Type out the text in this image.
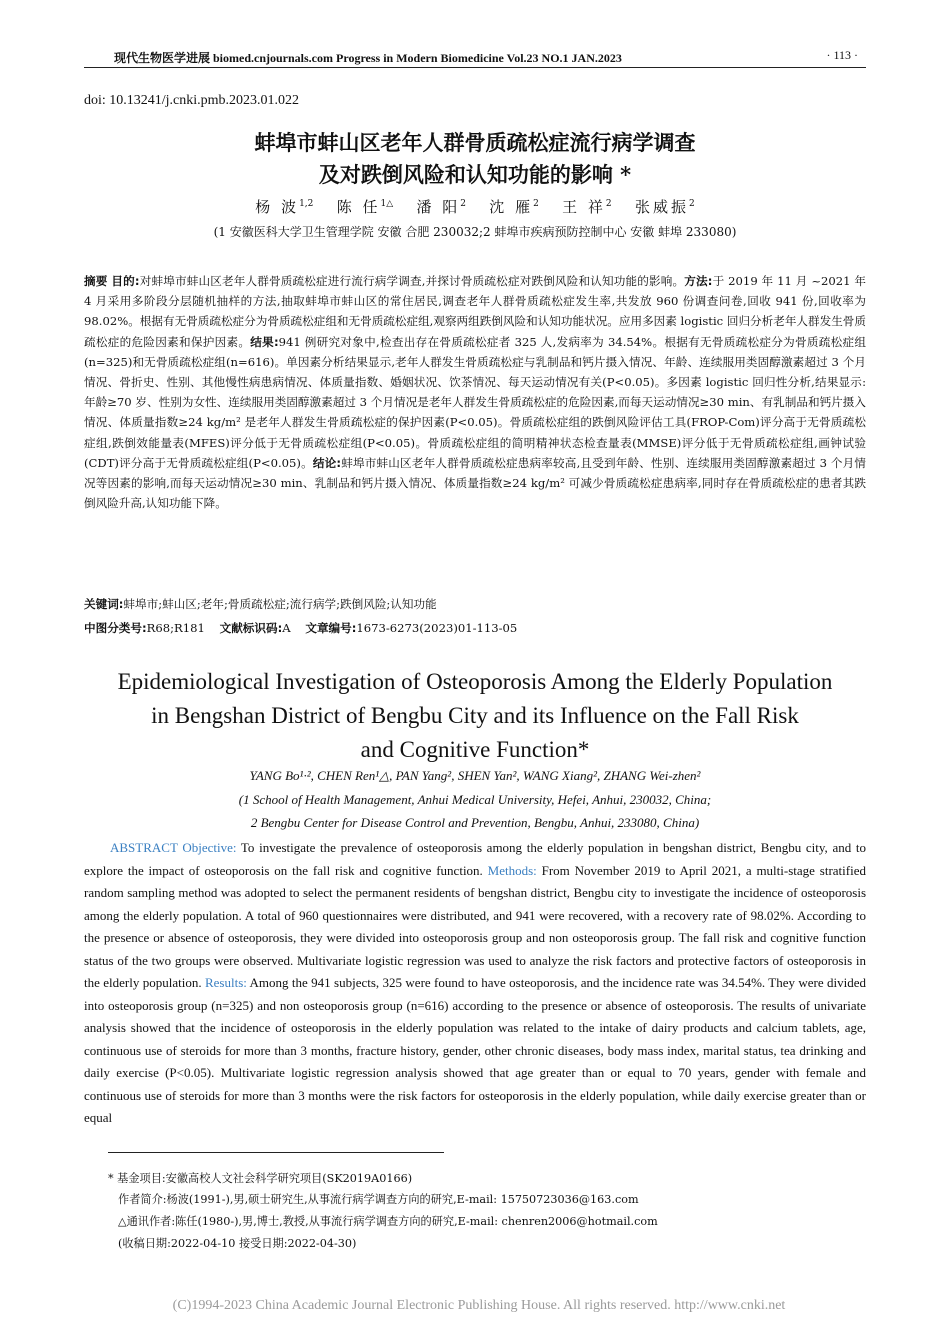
现代生物医学进展 biomed.cnjournals.com Progress in Modern Biomedicine Vol.23 NO.1 JAN.2023	· 113 ·
doi: 10.13241/j.cnki.pmb.2023.01.022
蚌埠市蚌山区老年人群骨质疏松症流行病学调查
及对跌倒风险和认知功能的影响 *
杨 波$^{1,2}$ 陈 任$^{1\triangle}$ 潘 阳$^2$ 沈 雁$^2$ 王 祥$^2$ 张威振$^2$
(1 安徽医科大学卫生管理学院 安徽 合肥 230032;2 蚌埠市疾病预防控制中心 安徽 蚌埠 233080)
摘要 目的:对蚌埠市蚌山区老年人群骨质疏松症进行流行病学调查,并探讨骨质疏松症对跌倒风险和认知功能的影响。方法:于 2019 年 11 月 ~2021 年 4 月采用多阶段分层随机抽样的方法,抽取蚌埠市蚌山区的常住居民,调查老年人群骨质疏松症发生率,共发放 960 份调查问卷,回收 941 份,回收率为 98.02%。根据有无骨质疏松症分为骨质疏松症组和无骨质疏松症组,观察两组跌倒风险和认知功能状况。应用多因素 logistic 回归分析老年人群发生骨质疏松症的危险因素和保护因素。结果:941 例研究对象中,检查出存在骨质疏松症者 325 人,发病率为 34.54%。根据有无骨质疏松症分为骨质疏松症组(n=325)和无骨质疏松症组(n=616)。单因素分析结果显示,老年人群发生骨质疏松症与乳制品和钙片摄入情况、年龄、连续服用类固醇激素超过 3 个月情况、骨折史、性别、其他慢性病患病情况、体质量指数、婚姻状况、饮茶情况、每天运动情况有关(P<0.05)。多因素 logistic 回归性分析,结果显示:年龄≥70 岁、性别为女性、连续服用类固醇激素超过 3 个月情况是老年人群发生骨质疏松症的危险因素,而每天运动情况≥30 min、有乳制品和钙片摄入情况、体质量指数≥24 kg/m² 是老年人群发生骨质疏松症的保护因素(P<0.05)。骨质疏松症组的跌倒风险评估工具(FROP-Com)评分高于无骨质疏松症组,跌倒效能量表(MFES)评分低于无骨质疏松症组(P<0.05)。骨质疏松症组的简明精神状态检查量表(MMSE)评分低于无骨质疏松症组,画钟试验(CDT)评分高于无骨质疏松症组(P<0.05)。结论:蚌埠市蚌山区老年人群骨质疏松症患病率较高,且受到年龄、性别、连续服用类固醇激素超过 3 个月情况等因素的影响,而每天运动情况≥30 min、乳制品和钙片摄入情况、体质量指数≥24 kg/m² 可减少骨质疏松症患病率,同时存在骨质疏松症的患者其跌倒风险升高,认知功能下降。
关键词:蚌埠市;蚌山区;老年;骨质疏松症;流行病学;跌倒风险;认知功能
中图分类号:R68;R181 文献标识码:A 文章编号:1673-6273(2023)01-113-05
Epidemiological Investigation of Osteoporosis Among the Elderly Population
in Bengshan District of Bengbu City and its Influence on the Fall Risk
and Cognitive Function*
YANG Bo¹·², CHEN Ren¹△, PAN Yang², SHEN Yan², WANG Xiang², ZHANG Wei-zhen²
(1 School of Health Management, Anhui Medical University, Hefei, Anhui, 230032, China;
2 Bengbu Center for Disease Control and Prevention, Bengbu, Anhui, 233080, China)
ABSTRACT Objective: To investigate the prevalence of osteoporosis among the elderly population in bengshan district, Bengbu city, and to explore the impact of osteoporosis on the fall risk and cognitive function. Methods: From November 2019 to April 2021, a multi-stage stratified random sampling method was adopted to select the permanent residents of bengshan district, Bengbu city to investigate the incidence of osteoporosis among the elderly population. A total of 960 questionnaires were distributed, and 941 were recovered, with a recovery rate of 98.02%. According to the presence or absence of osteoporosis, they were divided into osteoporosis group and non osteoporosis group. The fall risk and cognitive function status of the two groups were observed. Multivariate logistic regression was used to analyze the risk factors and protective factors of osteoporosis in the elderly population. Results: Among the 941 subjects, 325 were found to have osteoporosis, and the incidence rate was 34.54%. They were divided into osteoporosis group (n=325) and non osteoporosis group (n=616) according to the presence or absence of osteoporosis. The results of univariate analysis showed that the incidence of osteoporosis in the elderly population was related to the intake of dairy products and calcium tablets, age, continuous use of steroids for more than 3 months, fracture history, gender, other chronic diseases, body mass index, marital status, tea drinking and daily exercise (P<0.05). Multivariate logistic regression analysis showed that age greater than or equal to 70 years, gender with female and continuous use of steroids for more than 3 months were the risk factors for osteoporosis in the elderly population, while daily exercise greater than or equal
* 基金项目:安徽高校人文社会科学研究项目(SK2019A0166)
作者简介:杨波(1991-),男,硕士研究生,从事流行病学调查方向的研究,E-mail: 15750723036@163.com
△通讯作者:陈任(1980-),男,博士,教授,从事流行病学调查方向的研究,E-mail: chenren2006@hotmail.com
(收稿日期:2022-04-10 接受日期:2022-04-30)
(C)1994-2023 China Academic Journal Electronic Publishing House. All rights reserved. http://www.cnki.net
